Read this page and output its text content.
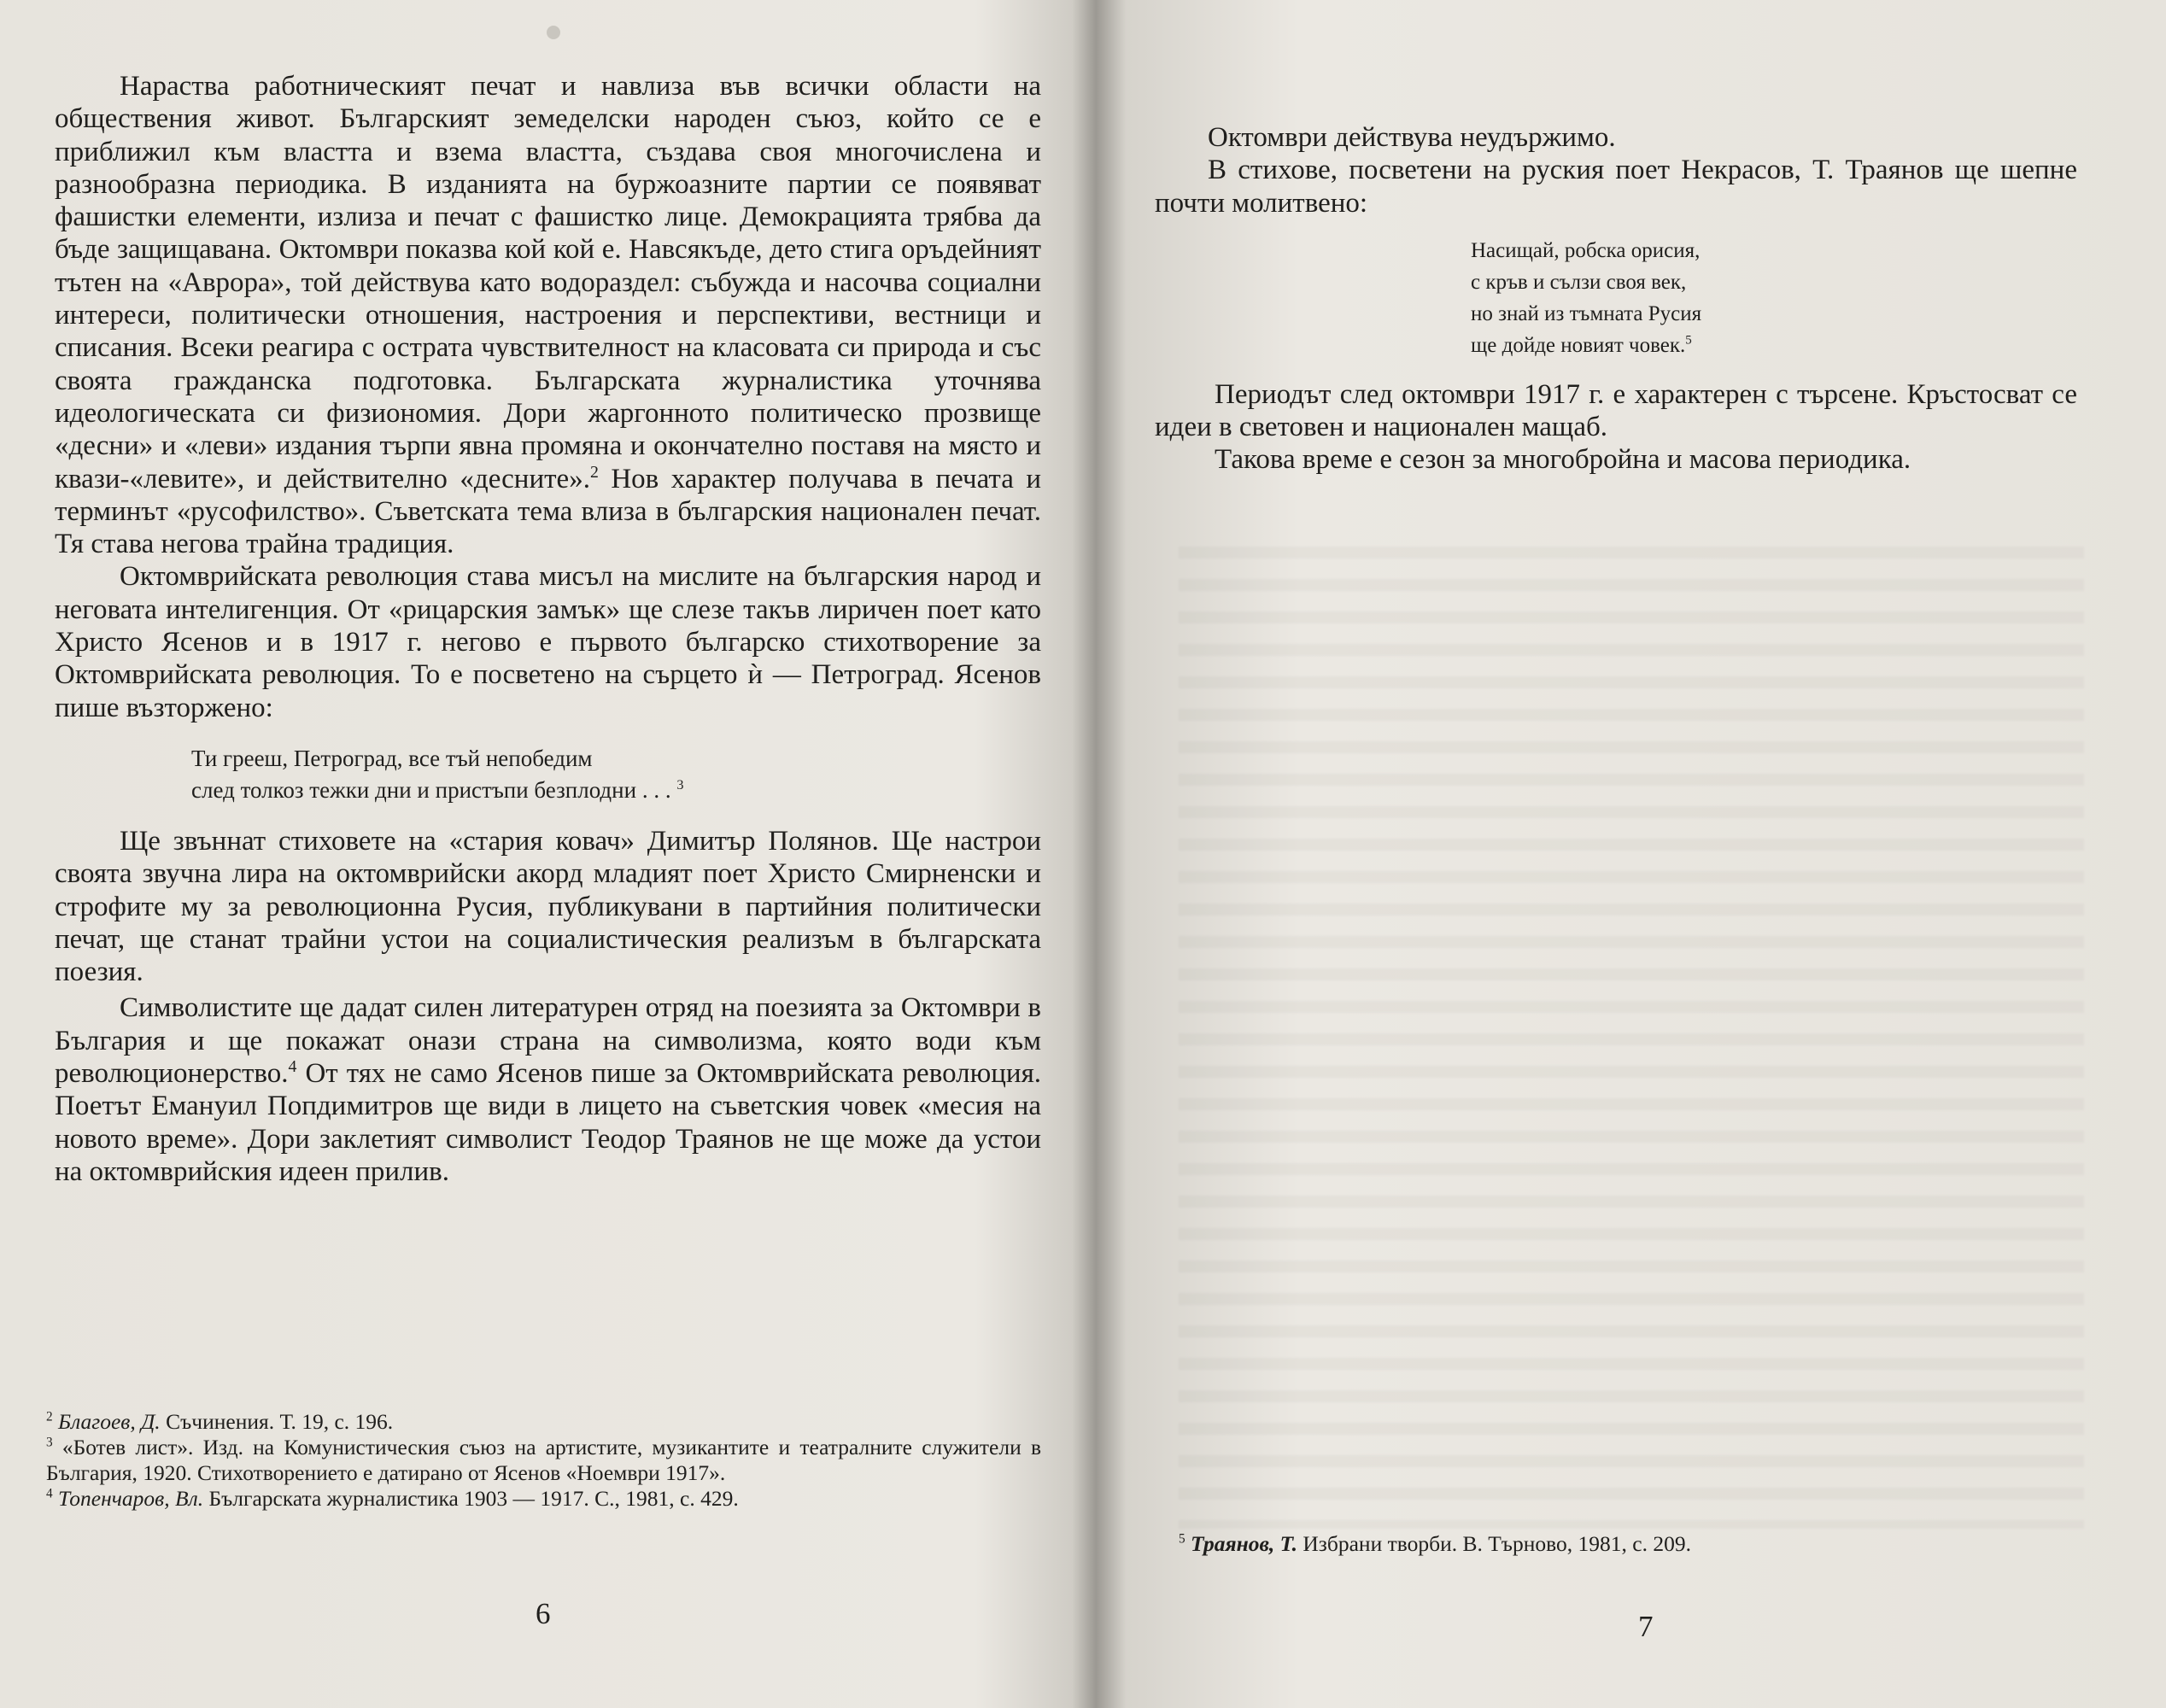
Нараства работническият печат и навлиза във всички области на обществения живот. Българският земеделски народен съюз, който се е приближил към властта и взема властта, създава своя многочислена и разнообразна периодика. В изданията на буржоазните партии се появяват фашистки елементи, излиза и печат с фашистко лице. Демокрацията трябва да бъде защищавана. Октомври показва кой кой е. Навсякъде, дето стига оръдейният тътен на «Аврора», той действува като водораздел: събужда и насочва социални интереси, политически отношения, настроения и перспективи, вестници и списания. Всеки реагира с острата чувствителност на класовата си природа и със своята гражданска подготовка. Българската журналистика уточнява идеологическата си физиономия. Дори жаргонното политическо прозвище «десни» и «леви» издания търпи явна промяна и окончателно поставя на място и квази-«левите», и действително «десните».$^2$ Нов характер получава в печата и терминът «русофилство». Съветската тема влиза в българския национален печат. Тя става негова трайна традиция.

Октомврийската революция става мисъл на мислите на българския народ и неговата интелигенция. От «рицарския замък» ще слезе такъв лиричен поет като Христо Ясенов и в 1917 г. негово е първото българско стихотворение за Октомврийската революция. То е посветено на сърцето ѝ — Петроград. Ясенов пише възторжено:

Ти грееш, Петроград, все тъй непобедим
след толкоз тежки дни и пристъпи безплодни . . . $^3$

Ще звъннат стиховете на «стария ковач» Димитър Полянов. Ще настрои своята звучна лира на октомврийски акорд младият поет Христо Смирненски и строфите му за революционна Русия, публикувани в партийния политически печат, ще станат трайни устои на социалистическия реализъм в българската поезия.

Символистите ще дадат силен литературен отряд на поезията за Октомври в България и ще покажат онази страна на символизма, която води към революционерство.$^4$ От тях не само Ясенов пише за Октомврийската революция. Поетът Емануил Попдимитров ще види в лицето на съветския човек «месия на новото време». Дори заклетият символист Теодор Траянов не ще може да устои на октомврийския идеен прилив.

$^2$ Благоев, Д. Съчинения. Т. 19, с. 196.

$^3$ «Ботев лист». Изд. на Комунистическия съюз на артистите, музикантите и театралните служители в България, 1920. Стихотворението е датирано от Ясенов «Ноември 1917».

$^4$ Топенчаров, Вл. Българската журналистика 1903 — 1917. С., 1981, с. 429.

6

Октомври действува неудържимо.

В стихове, посветени на руския поет Некрасов, Т. Траянов ще шепне почти молитвено:

Насищай, робска орисия,
с кръв и сълзи своя век,
но знай из тъмната Русия
ще дойде новият човек.$^5$

Периодът след октомври 1917 г. е характерен с търсене. Кръстосват се идеи в световен и национален мащаб.

Такова време е сезон за многобройна и масова периодика.

$^5$ Траянов, Т. Избрани творби. В. Търново, 1981, с. 209.

7
